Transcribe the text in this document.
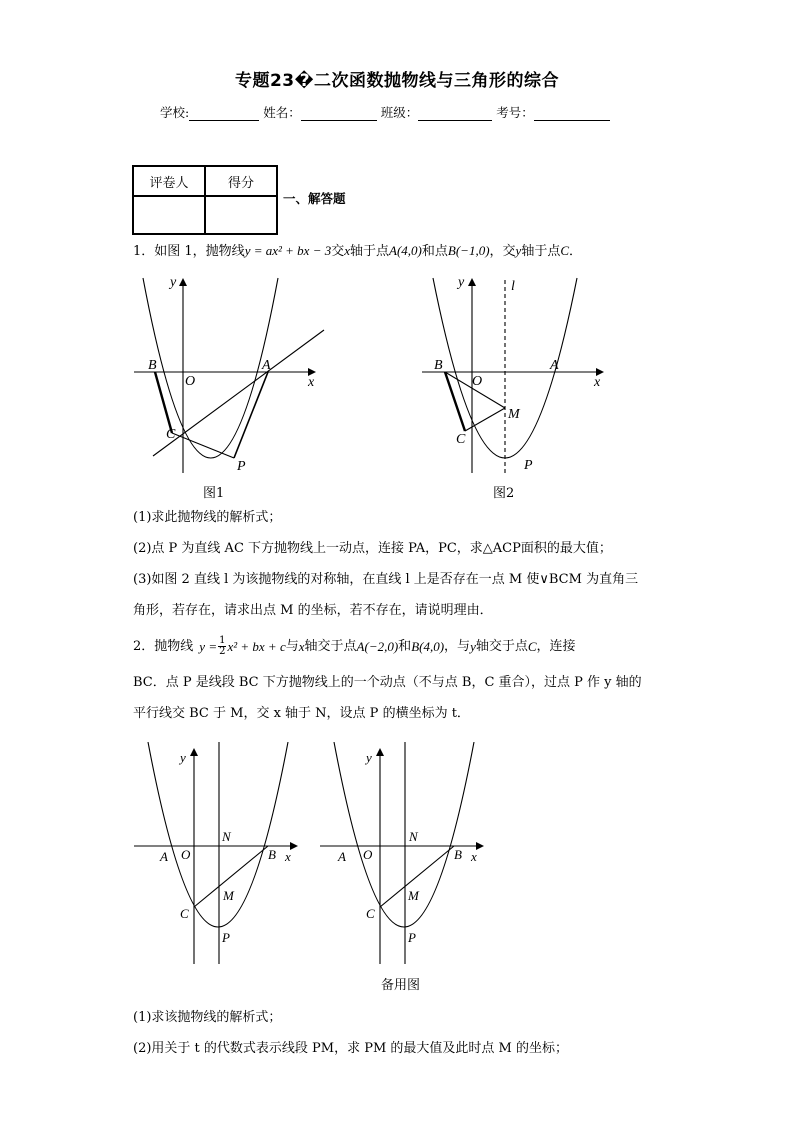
专题23�二次函数抛物线与三角形的综合
学校:	姓名：	班级：	考号：
评卷人	得分

一、解答题
1．如图 1，抛物线y = ax² + bx − 3交x轴于点A(4,0)和点B(−1,0)，交y轴于点C．
B
O
A
x
y
C
P
图1
B
O
A
x
y	l
M
C
P
图2
(1)求此抛物线的解析式；
(2)点 P 为直线 AC 下方抛物线上一动点，连接 PA，PC，求△ACP面积的最大值；
(3)如图 2 直线 l 为该抛物线的对称轴，在直线 l 上是否存在一点 M 使∨BCM 为直角三
角形，若存在，请求出点 M 的坐标，若不存在，请说明理由．
2． 抛物线 $y = \frac{1}{2} x^2$ + bx + c 与 x 轴交于点 A(−2,0) 和 B(4,0) ，与 y 轴交于点 C ，连接
BC．点 P 是线段 BC 下方抛物线上的一个动点（不与点 B，C 重合），过点 P 作 y 轴的
平行线交 BC 于 M，交 x 轴于 N，设点 P 的横坐标为 t．
A O
N
B x
y
M
C
P
A O
N
B x
y
M
C
P
备用图
(1)求该抛物线的解析式；
(2)用关于 t 的代数式表示线段 PM，求 PM 的最大值及此时点 M 的坐标；
